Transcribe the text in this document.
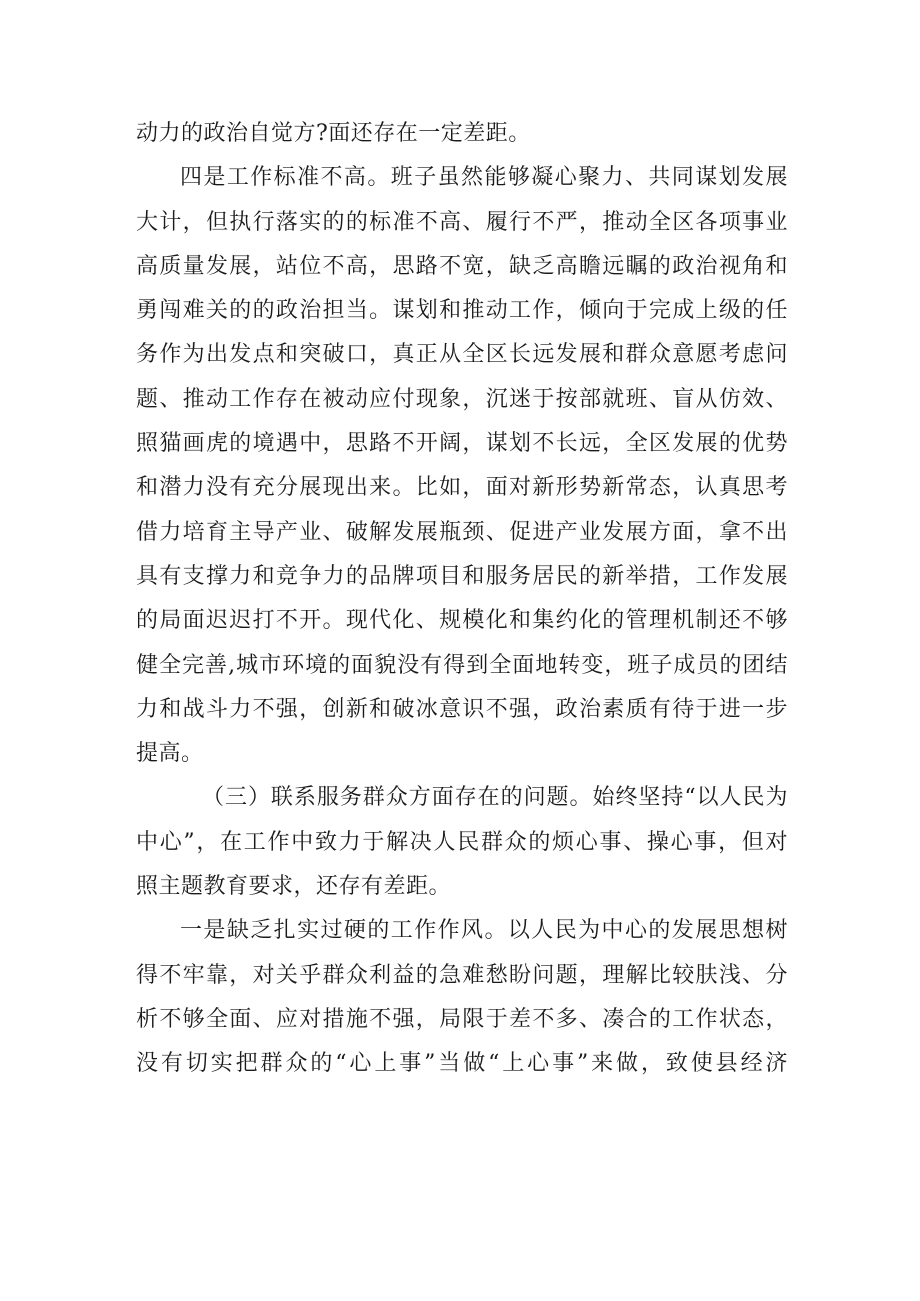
动力的政治自觉方?面还存在一定差距。
四是工作标准不高。班子虽然能够凝心聚力、共同谋划发展
大计，但执行落实的的标准不高、履行不严，推动全区各项事业
高质量发展，站位不高，思路不宽，缺乏高瞻远瞩的政治视角和
勇闯难关的的政治担当。谋划和推动工作，倾向于完成上级的任
务作为出发点和突破口，真正从全区长远发展和群众意愿考虑问
题、推动工作存在被动应付现象，沉迷于按部就班、盲从仿效、
照猫画虎的境遇中，思路不开阔，谋划不长远，全区发展的优势
和潜力没有充分展现出来。比如，面对新形势新常态，认真思考
借力培育主导产业、破解发展瓶颈、促进产业发展方面，拿不出
具有支撑力和竞争力的品牌项目和服务居民的新举措，工作发展
的局面迟迟打不开。现代化、规模化和集约化的管理机制还不够
健全完善,城市环境的面貌没有得到全面地转变，班子成员的团结
力和战斗力不强，创新和破冰意识不强，政治素质有待于进一步
提高。
（三）联系服务群众方面存在的问题。始终坚持“以人民为
中心”，在工作中致力于解决人民群众的烦心事、操心事，但对
照主题教育要求，还存有差距。
一是缺乏扎实过硬的工作作风。以人民为中心的发展思想树
得不牢靠，对关乎群众利益的急难愁盼问题，理解比较肤浅、分
析不够全面、应对措施不强，局限于差不多、凑合的工作状态，
没有切实把群众的“心上事”当做“上心事”来做，致使县经济
